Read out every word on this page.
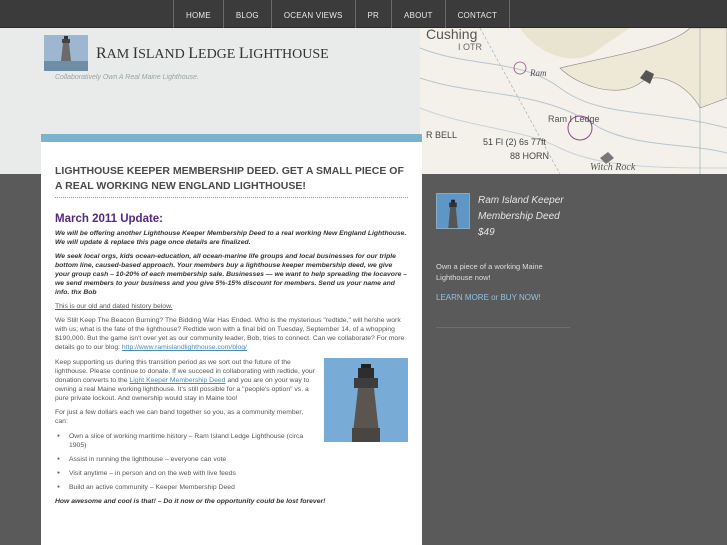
HOME	BLOG	OCEAN VIEWS	PR	ABOUT	CONTACT
Cushing
I OTR
Ram
Ram I Ledge
R BELL
51 Fl (2) 6s 77ft
88 HORN
Witch Rock
RAM ISLAND LEDGE LIGHTHOUSE
Collaboratively Own A Real Maine Lighthouse.
LIGHTHOUSE KEEPER MEMBERSHIP DEED. GET A SMALL PIECE OF A REAL WORKING NEW ENGLAND LIGHTHOUSE!
March 2011 Update:

We will be offering another Lighthouse Keeper Membership Deed to a real working New England Lighthouse. We will update & replace this page once details are finalized.

We seek local orgs, kids ocean-education, all ocean-marine life groups and local businesses for our triple bottom line, caused-based approach. Your members buy a lighthouse keeper membership deed, we give your group cash – 10-20% of each membership sale. Businesses — we want to help spreading the locavore – we send members to your business and you give 5%-15% discount for members. Send us your name and info. thx Bob

This is our old and dated history below.

We Still Keep The Beacon Burning? The Bidding War Has Ended. Who is the mysterious "redtide," will he/she work with us; what is the fate of the lighthouse? Redtide won with a final bid on Tuesday, September 14, of a whopping $190,000. But the game isn't over yet as our community leader, Bob, tries to connect. Can we collaborate? For more details go to our blog: http://www.ramislandlighthouse.com/blog/

Keep supporting us during this transition period as we sort out the future of the lighthouse. Please continue to donate. If we succeed in collaborating with redtide, your donation converts to the Light Keeper Membership Deed and you are on your way to owning a real Maine working lighthouse. It's still possible for a "people's option" vs. a pure private lockout. And ownership would stay in Maine too!

For just a few dollars each we can band together so you, as a community member, can:

● Own a slice of working maritime history – Ram Island Ledge Lighthouse (circa 1905)
● Assist in running the lighthouse – everyone can vote
● Visit anytime – in person and on the web with live feeds
● Build an active community – Keeper Membership Deed

How awesome and cool is that! – Do it now or the opportunity could be lost forever!

Ram Island Keeper Membership Deed $49
Own a piece of a working Maine Lighthouse now!
LEARN MORE or BUY NOW!
